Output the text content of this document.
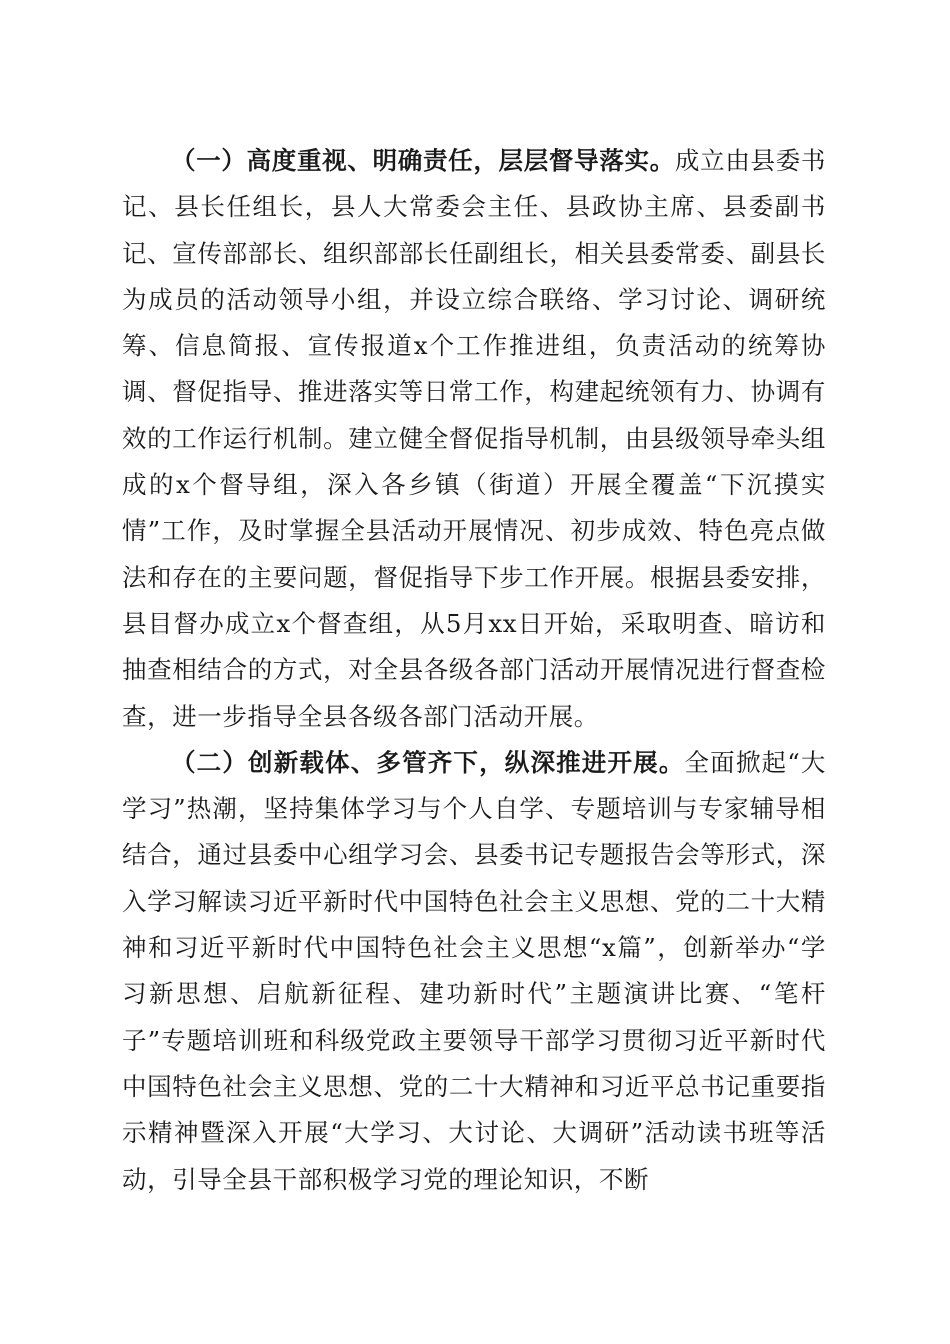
（一）高度重视、明确责任，层层督导落实。成立由县委书记、县长任组长，县人大常委会主任、县政协主席、县委副书记、宣传部部长、组织部部长任副组长，相关县委常委、副县长为成员的活动领导小组，并设立综合联络、学习讨论、调研统筹、信息简报、宣传报道x个工作推进组，负责活动的统筹协调、督促指导、推进落实等日常工作，构建起统领有力、协调有效的工作运行机制。建立健全督促指导机制，由县级领导牵头组成的x个督导组，深入各乡镇（街道）开展全覆盖“下沉摸实情”工作，及时掌握全县活动开展情况、初步成效、特色亮点做法和存在的主要问题，督促指导下步工作开展。根据县委安排，县目督办成立x个督查组，从5月xx日开始，采取明查、暗访和抽查相结合的方式，对全县各级各部门活动开展情况进行督查检查，进一步指导全县各级各部门活动开展。

（二）创新载体、多管齐下，纵深推进开展。全面掀起“大学习”热潮，坚持集体学习与个人自学、专题培训与专家辅导相结合，通过县委中心组学习会、县委书记专题报告会等形式，深入学习解读习近平新时代中国特色社会主义思想、党的二十大精神和习近平新时代中国特色社会主义思想“x篇”，创新举办“学习新思想、启航新征程、建功新时代”主题演讲比赛、“笔杆子”专题培训班和科级党政主要领导干部学习贯彻习近平新时代中国特色社会主义思想、党的二十大精神和习近平总书记重要指示精神暨深入开展“大学习、大讨论、大调研”活动读书班等活动，引导全县干部积极学习党的理论知识，不断
